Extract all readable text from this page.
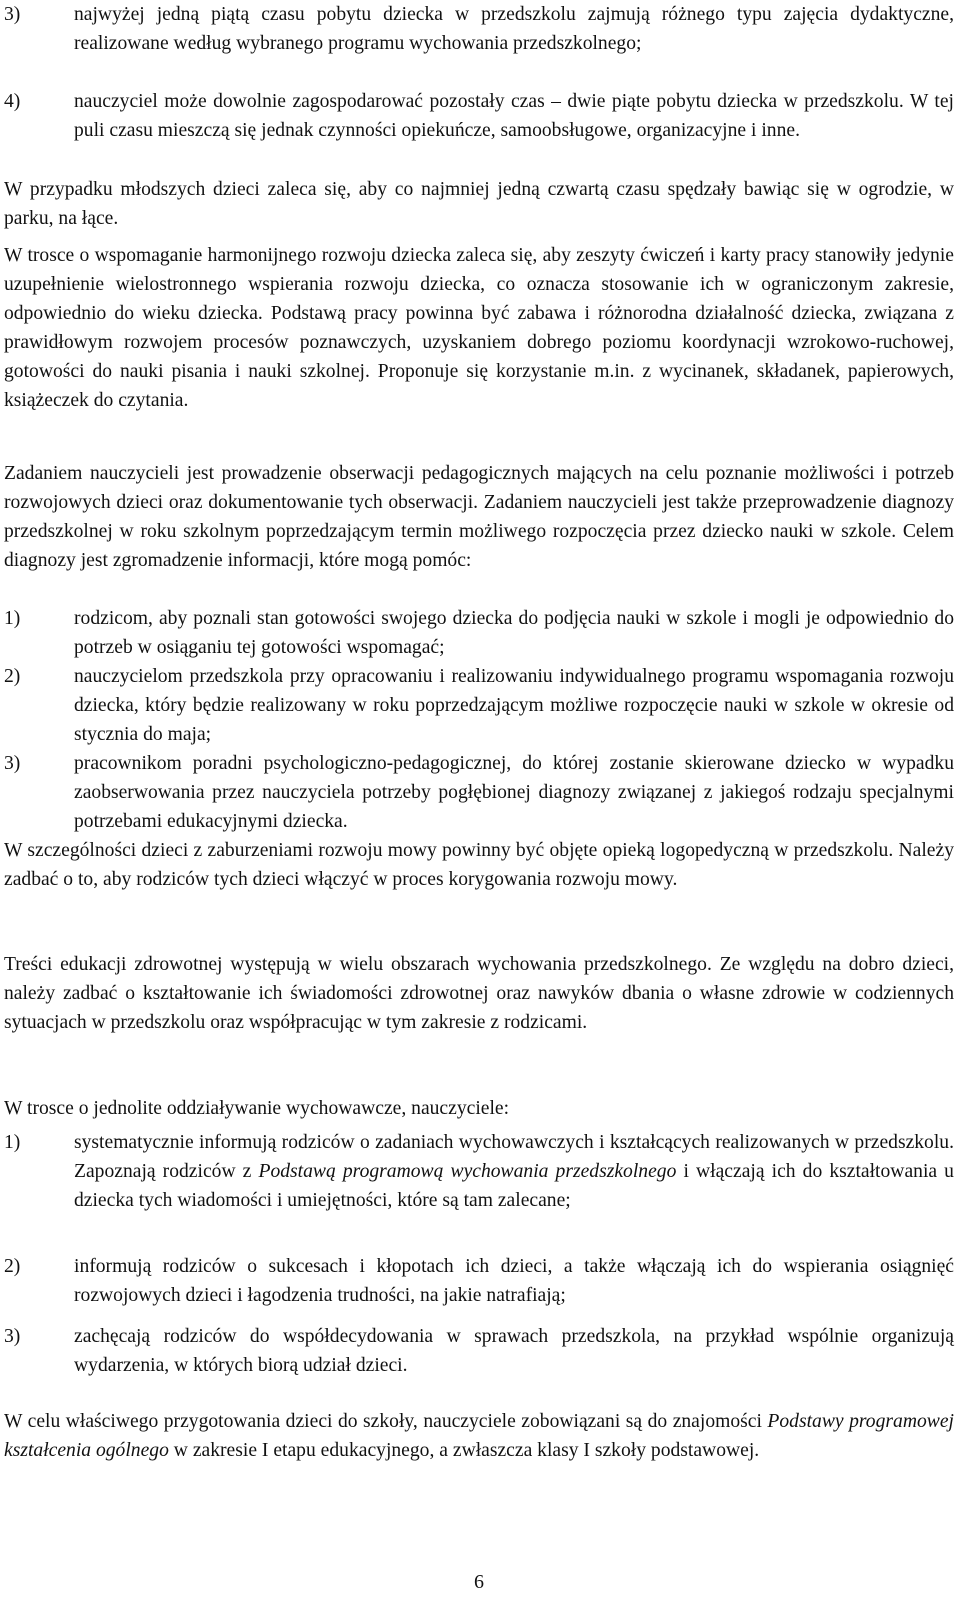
3)	najwyżej jedną piątą czasu pobytu dziecka w przedszkolu zajmują różnego typu zajęcia dydaktyczne, realizowane według wybranego programu wychowania przedszkolnego;

4)	nauczyciel może dowolnie zagospodarować pozostały czas – dwie piąte pobytu dziecka w przedszkolu. W tej puli czasu mieszczą się jednak czynności opiekuńcze, samoobsługowe, organizacyjne i inne.

W przypadku młodszych dzieci zaleca się, aby co najmniej jedną czwartą czasu spędzały bawiąc się w ogrodzie, w parku, na łące.

W trosce o wspomaganie harmonijnego rozwoju dziecka zaleca się, aby zeszyty ćwiczeń i karty pracy stanowiły jedynie uzupełnienie wielostronnego wspierania rozwoju dziecka, co oznacza stosowanie ich w ograniczonym zakresie, odpowiednio do wieku dziecka. Podstawą pracy powinna być zabawa i różnorodna działalność dziecka, związana z prawidłowym rozwojem procesów poznawczych, uzyskaniem dobrego poziomu koordynacji wzrokowo-ruchowej, gotowości do nauki pisania i nauki szkolnej. Proponuje się korzystanie m.in. z wycinanek, składanek, papierowych, książeczek do czytania.

Zadaniem nauczycieli jest prowadzenie obserwacji pedagogicznych mających na celu poznanie możliwości i potrzeb rozwojowych dzieci oraz dokumentowanie tych obserwacji. Zadaniem nauczycieli jest także przeprowadzenie diagnozy przedszkolnej w roku szkolnym poprzedzającym termin możliwego rozpoczęcia przez dziecko nauki w szkole. Celem diagnozy jest zgromadzenie informacji, które mogą pomóc:

1)	rodzicom, aby poznali stan gotowości swojego dziecka do podjęcia nauki w szkole i mogli je odpowiednio do potrzeb w osiąganiu tej gotowości wspomagać;

2)	nauczycielom przedszkola przy opracowaniu i realizowaniu indywidualnego programu wspomagania rozwoju dziecka, który będzie realizowany w roku poprzedzającym możliwe rozpoczęcie nauki w szkole w okresie od stycznia do maja;

3)	pracownikom poradni psychologiczno-pedagogicznej, do której zostanie skierowane dziecko w wypadku zaobserwowania przez nauczyciela potrzeby pogłębionej diagnozy związanej z jakiegoś rodzaju specjalnymi potrzebami edukacyjnymi dziecka.

W szczególności dzieci z zaburzeniami rozwoju mowy powinny być objęte opieką logopedyczną w przedszkolu. Należy zadbać o to, aby rodziców tych dzieci włączyć w proces korygowania rozwoju mowy.

Treści edukacji zdrowotnej występują w wielu obszarach wychowania przedszkolnego. Ze względu na dobro dzieci, należy zadbać o kształtowanie ich świadomości zdrowotnej oraz nawyków dbania o własne zdrowie w codziennych sytuacjach w przedszkolu oraz współpracując w tym zakresie z rodzicami.

W trosce o jednolite oddziaływanie wychowawcze, nauczyciele:

1)	systematycznie informują rodziców o zadaniach wychowawczych i kształcących realizowanych w przedszkolu. Zapoznają rodziców z Podstawą programową wychowania przedszkolnego i włączają ich do kształtowania u dziecka tych wiadomości i umiejętności, które są tam zalecane;

2)	informują rodziców o sukcesach i kłopotach ich dzieci, a także włączają ich do wspierania osiągnięć rozwojowych dzieci i łagodzenia trudności, na jakie natrafiają;

3)	zachęcają rodziców do współdecydowania w sprawach przedszkola, na przykład wspólnie organizują wydarzenia, w których biorą udział dzieci.

W celu właściwego przygotowania dzieci do szkoły, nauczyciele zobowiązani są do znajomości Podstawy programowej kształcenia ogólnego w zakresie I etapu edukacyjnego, a zwłaszcza klasy I szkoły podstawowej.

6
